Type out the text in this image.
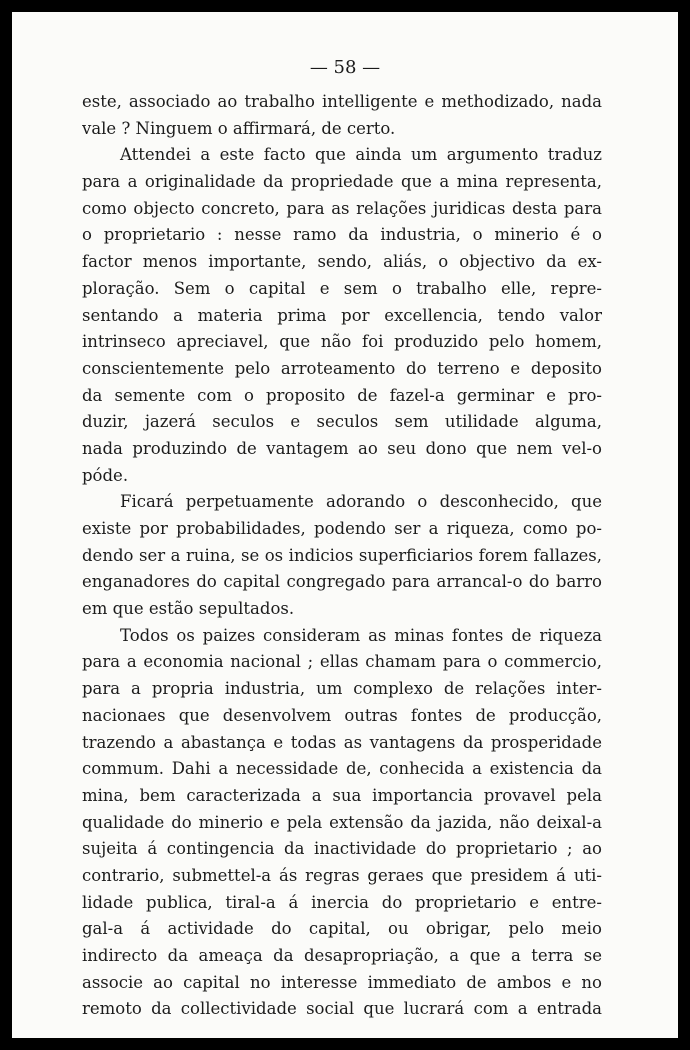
— 58 —
este, associado ao trabalho intelligente e methodizado, nada
vale ? Ninguem o affirmará, de certo.
Attendei a este facto que ainda um argumento traduz
para a originalidade da propriedade que a mina representa,
como objecto concreto, para as relações juridicas desta para
o proprietario : nesse ramo da industria, o minerio é o
factor menos importante, sendo, aliás, o objectivo da ex-
ploração. Sem o capital e sem o trabalho elle, repre-
sentando a materia prima por excellencia, tendo valor
intrinseco apreciavel, que não foi produzido pelo homem,
conscientemente pelo arroteamento do terreno e deposito
da semente com o proposito de fazel-a germinar e pro-
duzir, jazerá seculos e seculos sem utilidade alguma,
nada produzindo de vantagem ao seu dono que nem vel-o
póde.
Ficará perpetuamente adorando o desconhecido, que
existe por probabilidades, podendo ser a riqueza, como po-
dendo ser a ruina, se os indicios superficiarios forem fallazes,
enganadores do capital congregado para arrancal-o do barro
em que estão sepultados.
Todos os paizes consideram as minas fontes de riqueza
para a economia nacional ; ellas chamam para o commercio,
para a propria industria, um complexo de relações inter-
nacionaes que desenvolvem outras fontes de producção,
trazendo a abastança e todas as vantagens da prosperidade
commum. Dahi a necessidade de, conhecida a existencia da
mina, bem caracterizada a sua importancia provavel pela
qualidade do minerio e pela extensão da jazida, não deixal-a
sujeita á contingencia da inactividade do proprietario ; ao
contrario, submettel-a ás regras geraes que presidem á uti-
lidade publica, tiral-a á inercia do proprietario e entre-
gal-a á actividade do capital, ou obrigar, pelo meio
indirecto da ameaça da desapropriação, a que a terra se
associe ao capital no interesse immediato de ambos e no
remoto da collectividade social que lucrará com a entrada
